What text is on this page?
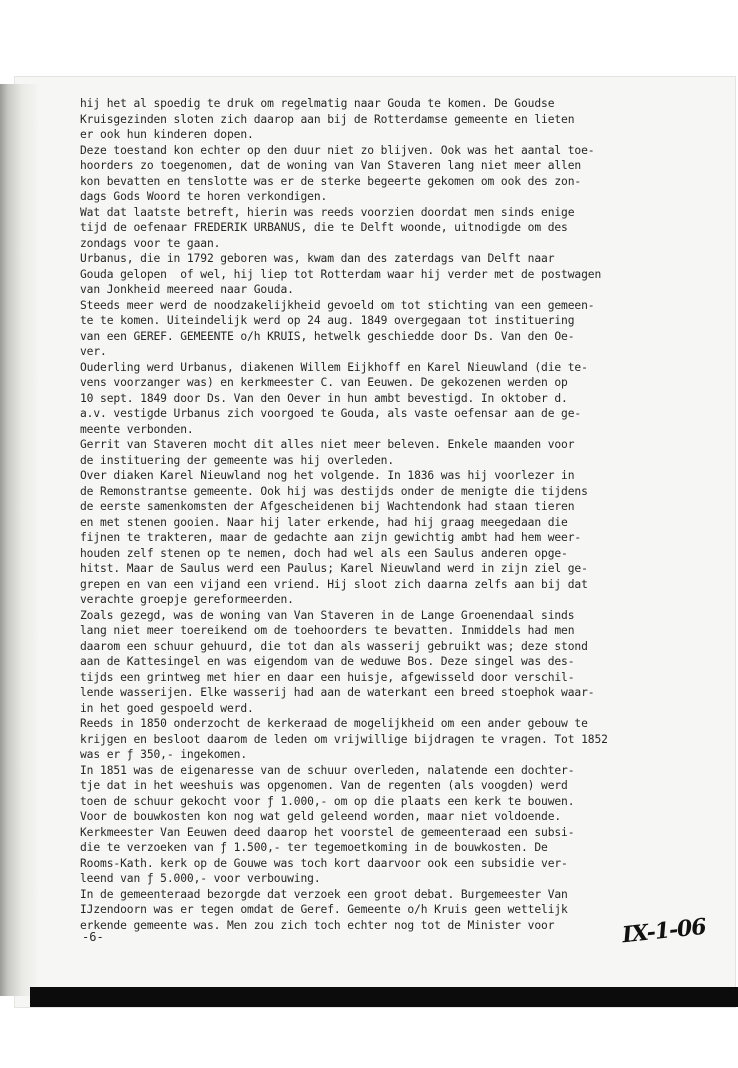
hij het al spoedig te druk om regelmatig naar Gouda te komen. De Goudse
Kruisgezinden sloten zich daarop aan bij de Rotterdamse gemeente en lieten
er ook hun kinderen dopen.
Deze toestand kon echter op den duur niet zo blijven. Ook was het aantal toe-
hoorders zo toegenomen, dat de woning van Van Staveren lang niet meer allen
kon bevatten en tenslotte was er de sterke begeerte gekomen om ook des zon-
dags Gods Woord te horen verkondigen.
Wat dat laatste betreft, hierin was reeds voorzien doordat men sinds enige
tijd de oefenaar FREDERIK URBANUS, die te Delft woonde, uitnodigde om des
zondags voor te gaan.
Urbanus, die in 1792 geboren was, kwam dan des zaterdags van Delft naar
Gouda gelopen  of wel, hij liep tot Rotterdam waar hij verder met de postwagen
van Jonkheid meereed naar Gouda.
Steeds meer werd de noodzakelijkheid gevoeld om tot stichting van een gemeen-
te te komen. Uiteindelijk werd op 24 aug. 1849 overgegaan tot instituering
van een GEREF. GEMEENTE o/h KRUIS, hetwelk geschiedde door Ds. Van den Oe-
ver.
Ouderling werd Urbanus, diakenen Willem Eijkhoff en Karel Nieuwland (die te-
vens voorzanger was) en kerkmeester C. van Eeuwen. De gekozenen werden op
10 sept. 1849 door Ds. Van den Oever in hun ambt bevestigd. In oktober d.
a.v. vestigde Urbanus zich voorgoed te Gouda, als vaste oefensar aan de ge-
meente verbonden.
Gerrit van Staveren mocht dit alles niet meer beleven. Enkele maanden voor
de instituering der gemeente was hij overleden.
Over diaken Karel Nieuwland nog het volgende. In 1836 was hij voorlezer in
de Remonstrantse gemeente. Ook hij was destijds onder de menigte die tijdens
de eerste samenkomsten der Afgescheidenen bij Wachtendonk had staan tieren
en met stenen gooien. Naar hij later erkende, had hij graag meegedaan die
fijnen te trakteren, maar de gedachte aan zijn gewichtig ambt had hem weer-
houden zelf stenen op te nemen, doch had wel als een Saulus anderen opge-
hitst. Maar de Saulus werd een Paulus; Karel Nieuwland werd in zijn ziel ge-
grepen en van een vijand een vriend. Hij sloot zich daarna zelfs aan bij dat
verachte groepje gereformeerden.
Zoals gezegd, was de woning van Van Staveren in de Lange Groenendaal sinds
lang niet meer toereikend om de toehoorders te bevatten. Inmiddels had men
daarom een schuur gehuurd, die tot dan als wasserij gebruikt was; deze stond
aan de Kattesingel en was eigendom van de weduwe Bos. Deze singel was des-
tijds een grintweg met hier en daar een huisje, afgewisseld door verschil-
lende wasserijen. Elke wasserij had aan de waterkant een breed stoephok waar-
in het goed gespoeld werd.
Reeds in 1850 onderzocht de kerkeraad de mogelijkheid om een ander gebouw te
krijgen en besloot daarom de leden om vrijwillige bijdragen te vragen. Tot 1852
was er ƒ 350,- ingekomen.
In 1851 was de eigenaresse van de schuur overleden, nalatende een dochter-
tje dat in het weeshuis was opgenomen. Van de regenten (als voogden) werd
toen de schuur gekocht voor ƒ 1.000,- om op die plaats een kerk te bouwen.
Voor de bouwkosten kon nog wat geld geleend worden, maar niet voldoende.
Kerkmeester Van Eeuwen deed daarop het voorstel de gemeenteraad een subsi-
die te verzoeken van ƒ 1.500,- ter tegemoetkoming in de bouwkosten. De
Rooms-Kath. kerk op de Gouwe was toch kort daarvoor ook een subsidie ver-
leend van ƒ 5.000,- voor verbouwing.
In de gemeenteraad bezorgde dat verzoek een groot debat. Burgemeester Van
IJzendoorn was er tegen omdat de Geref. Gemeente o/h Kruis geen wettelijk
erkende gemeente was. Men zou zich toch echter nog tot de Minister voor
-6-	IX-1-06
